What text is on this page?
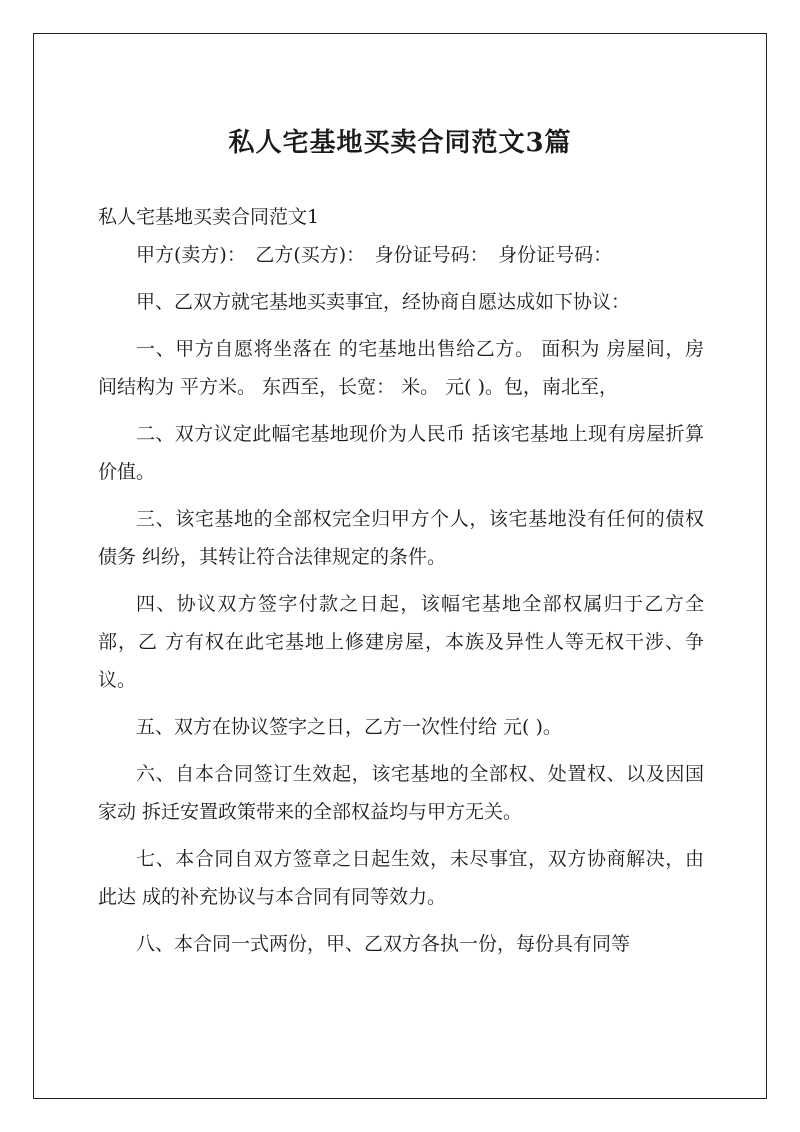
私人宅基地买卖合同范文3篇

私人宅基地买卖合同范文1

甲方(卖方)：　乙方(买方)：　身份证号码：　身份证号码：

甲、乙双方就宅基地买卖事宜，经协商自愿达成如下协议：

一、甲方自愿将坐落在 的宅基地出售给乙方。 面积为 房屋间，房间结构为 平方米。 东西至，长宽： 米。 元( )。包，南北至，

二、双方议定此幅宅基地现价为人民币 括该宅基地上现有房屋折算价值。

三、该宅基地的全部权完全归甲方个人，该宅基地没有任何的债权债务 纠纷，其转让符合法律规定的条件。

四、协议双方签字付款之日起，该幅宅基地全部权属归于乙方全部，乙 方有权在此宅基地上修建房屋，本族及异性人等无权干涉、争议。

五、双方在协议签字之日，乙方一次性付给 元( )。

六、自本合同签订生效起，该宅基地的全部权、处置权、以及因国家动 拆迁安置政策带来的全部权益均与甲方无关。

七、本合同自双方签章之日起生效，未尽事宜，双方协商解决，由此达 成的补充协议与本合同有同等效力。

八、本合同一式两份，甲、乙双方各执一份，每份具有同等
